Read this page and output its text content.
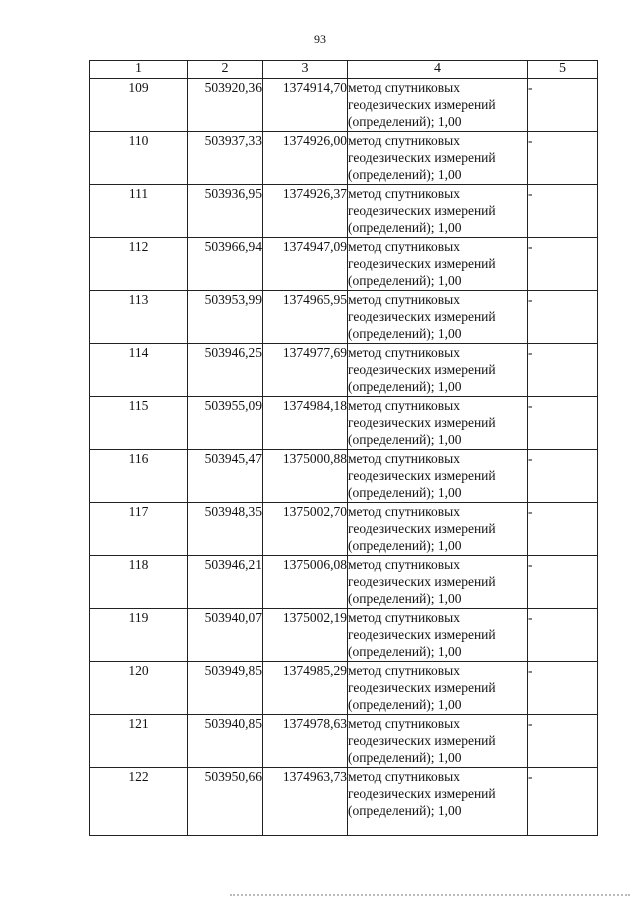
93
1	2	3	4	5
109	503920,36	1374914,70	метод спутниковых
геодезических измерений
(определений); 1,00	-
110	503937,33	1374926,00	метод спутниковых
геодезических измерений
(определений); 1,00	-
111	503936,95	1374926,37	метод спутниковых
геодезических измерений
(определений); 1,00	-
112	503966,94	1374947,09	метод спутниковых
геодезических измерений
(определений); 1,00	-
113	503953,99	1374965,95	метод спутниковых
геодезических измерений
(определений); 1,00	-
114	503946,25	1374977,69	метод спутниковых
геодезических измерений
(определений); 1,00	-
115	503955,09	1374984,18	метод спутниковых
геодезических измерений
(определений); 1,00	-
116	503945,47	1375000,88	метод спутниковых
геодезических измерений
(определений); 1,00	-
117	503948,35	1375002,70	метод спутниковых
геодезических измерений
(определений); 1,00	-
118	503946,21	1375006,08	метод спутниковых
геодезических измерений
(определений); 1,00	-
119	503940,07	1375002,19	метод спутниковых
геодезических измерений
(определений); 1,00	-
120	503949,85	1374985,29	метод спутниковых
геодезических измерений
(определений); 1,00	-
121	503940,85	1374978,63	метод спутниковых
геодезических измерений
(определений); 1,00	-
122	503950,66	1374963,73	метод спутниковых
геодезических измерений
(определений); 1,00	-
